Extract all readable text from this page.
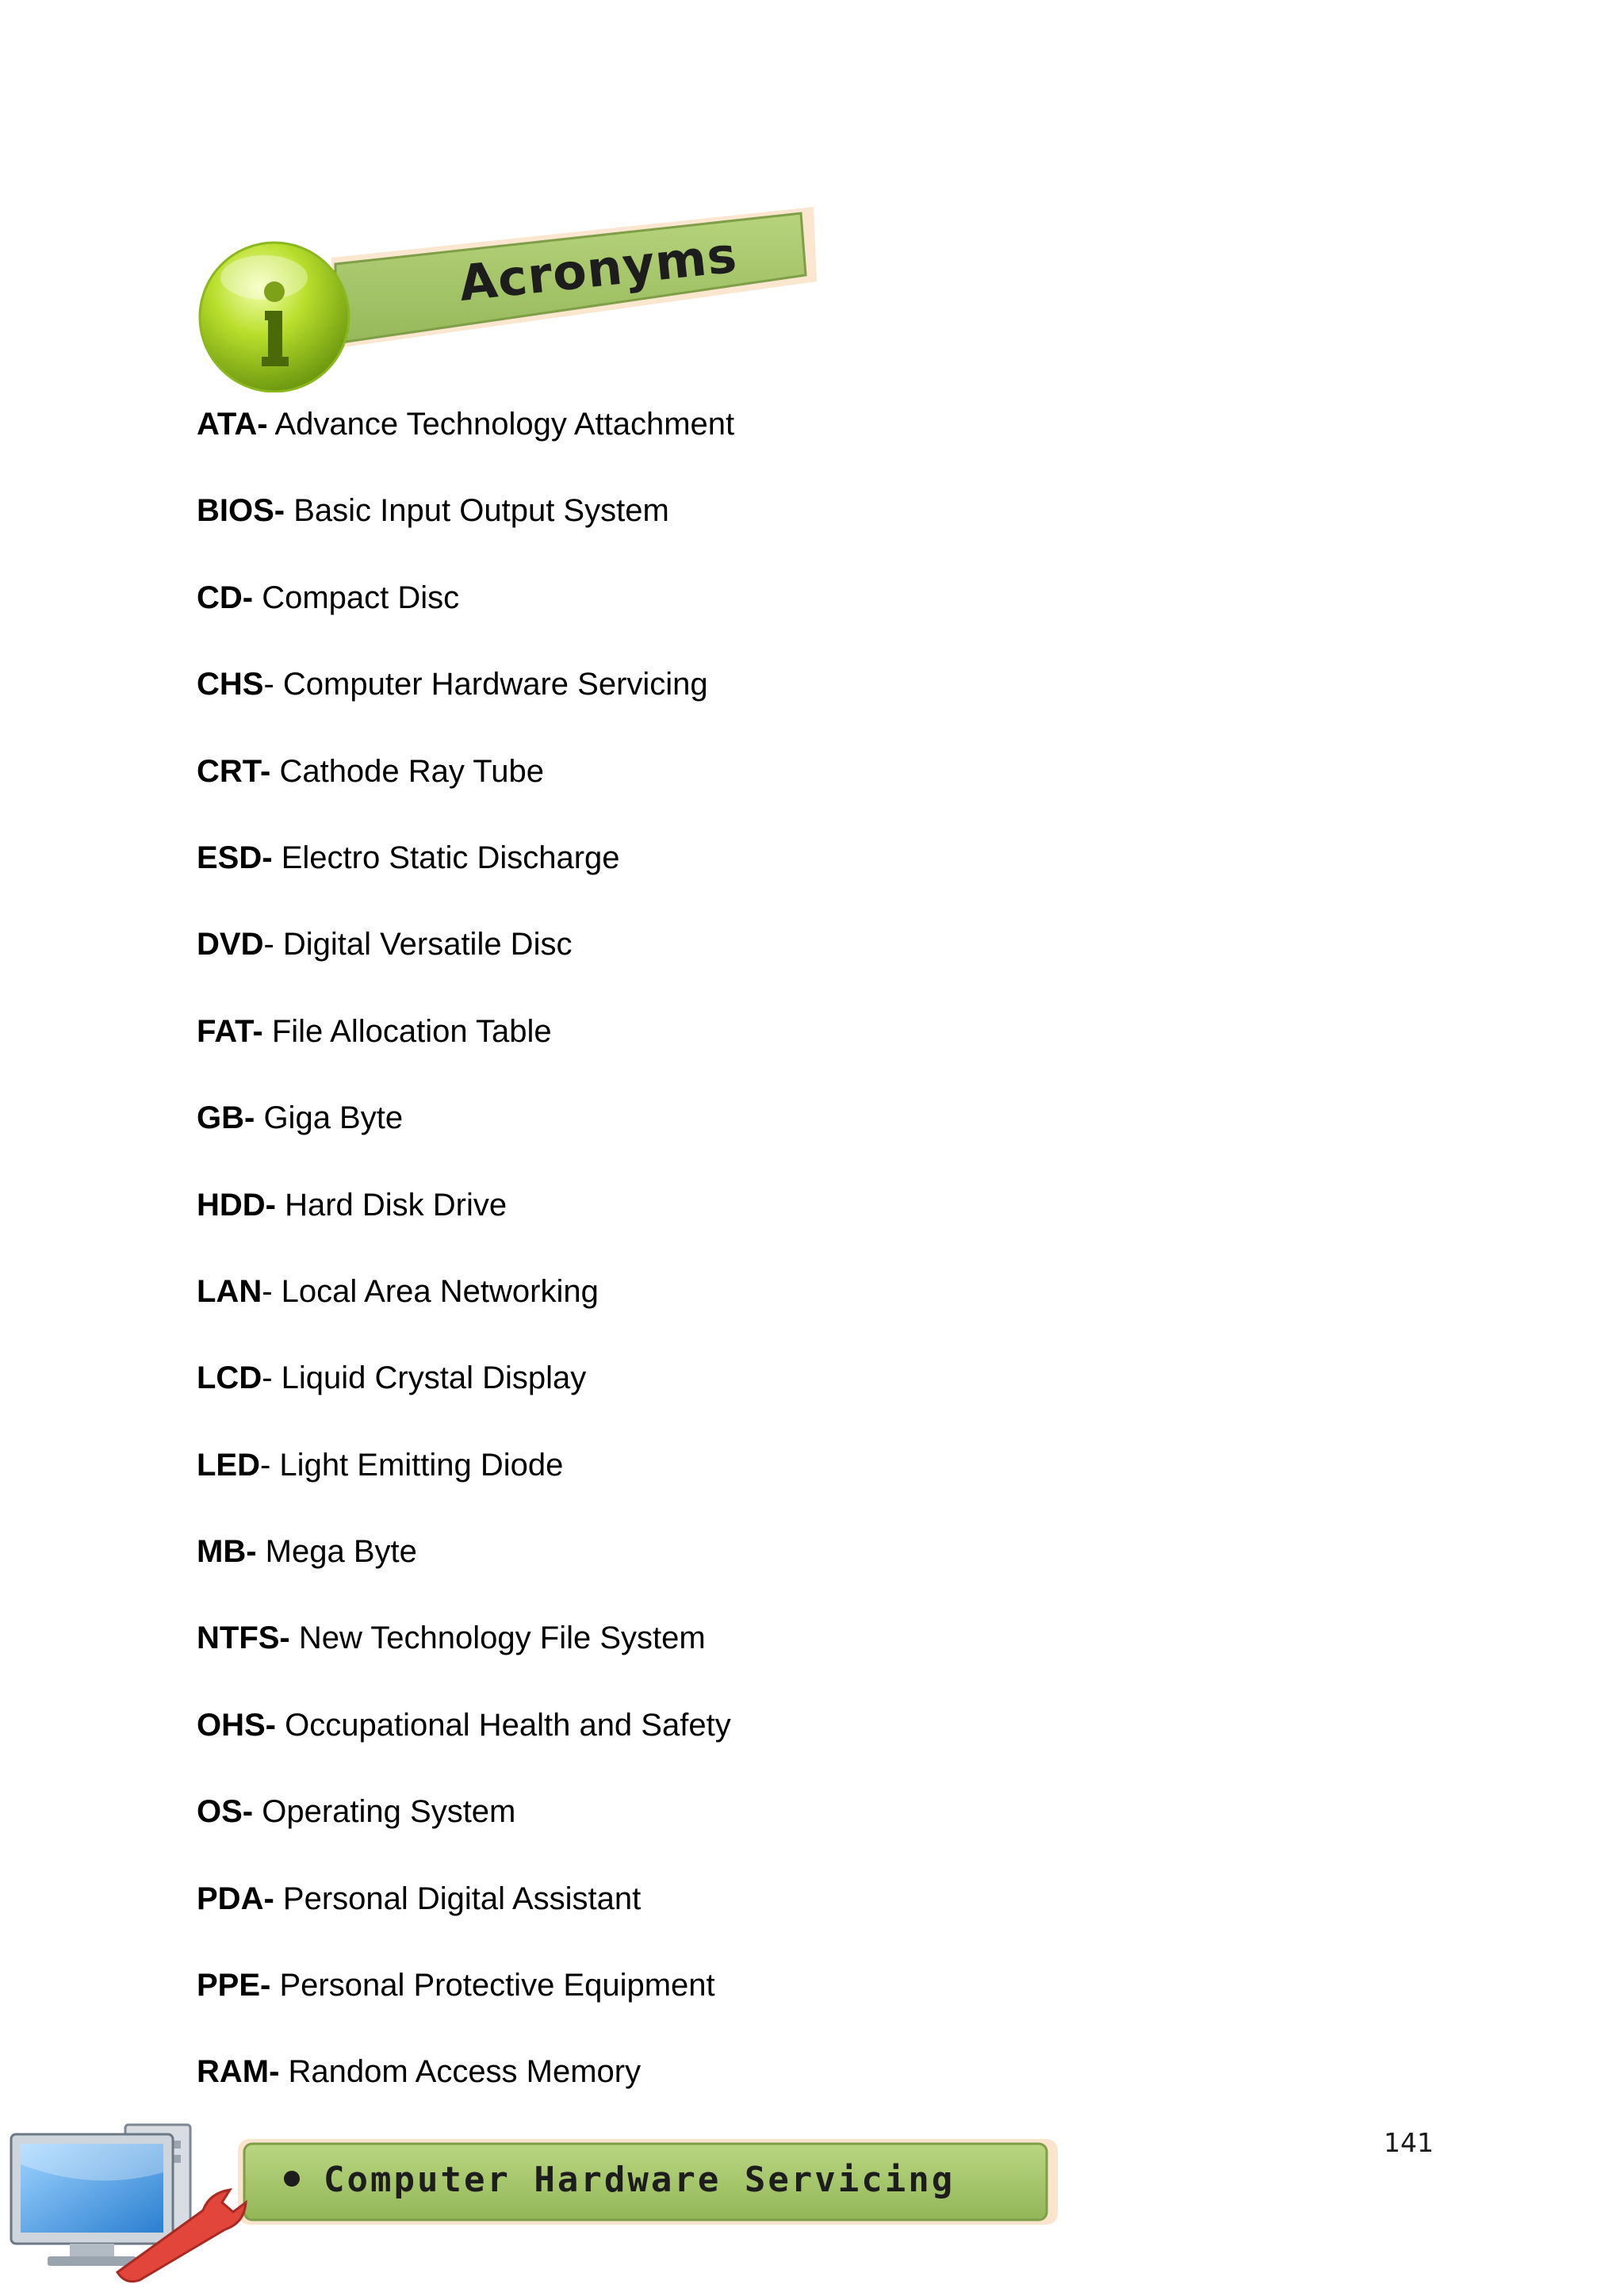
Acronyms
ATA- Advance Technology Attachment
BIOS- Basic Input Output System
CD- Compact Disc
CHS- Computer Hardware Servicing
CRT- Cathode Ray Tube
ESD- Electro Static Discharge
DVD- Digital Versatile Disc
FAT- File Allocation Table
GB- Giga Byte
HDD- Hard Disk Drive
LAN- Local Area Networking
LCD- Liquid Crystal Display
LED- Light Emitting Diode
MB- Mega Byte
NTFS- New Technology File System
OHS- Occupational Health and Safety
OS- Operating System
PDA- Personal Digital Assistant
PPE- Personal Protective Equipment
RAM- Random Access Memory
141
Computer Hardware Servicing
